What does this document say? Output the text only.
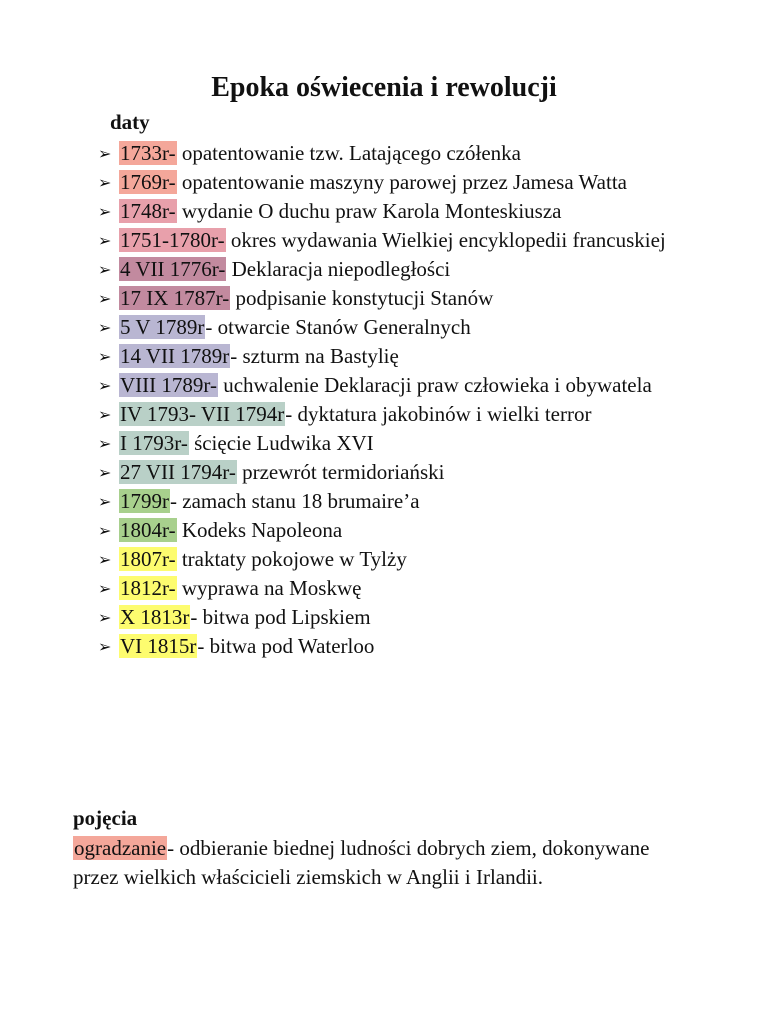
Epoka oświecenia i rewolucji
daty
➢ 1733r- opatentowanie tzw. Latającego czółenka
➢ 1769r- opatentowanie maszyny parowej przez Jamesa Watta
➢ 1748r- wydanie O duchu praw Karola Monteskiusza
➢ 1751-1780r- okres wydawania Wielkiej encyklopedii francuskiej
➢ 4 VII 1776r- Deklaracja niepodległości
➢ 17 IX 1787r- podpisanie konstytucji Stanów
➢ 5 V 1789r- otwarcie Stanów Generalnych
➢ 14 VII 1789r- szturm na Bastylię
➢ VIII 1789r- uchwalenie Deklaracji praw człowieka i obywatela
➢ IV 1793- VII 1794r- dyktatura jakobinów i wielki terror
➢ I 1793r- ścięcie Ludwika XVI
➢ 27 VII 1794r- przewrót termidoriański
➢ 1799r- zamach stanu 18 brumaire’a
➢ 1804r- Kodeks Napoleona
➢ 1807r- traktaty pokojowe w Tylży
➢ 1812r- wyprawa na Moskwę
➢ X 1813r- bitwa pod Lipskiem
➢ VI 1815r- bitwa pod Waterloo
pojęcia

ogradzanie- odbieranie biednej ludności dobrych ziem, dokonywane przez wielkich właścicieli ziemskich w Anglii i Irlandii.
